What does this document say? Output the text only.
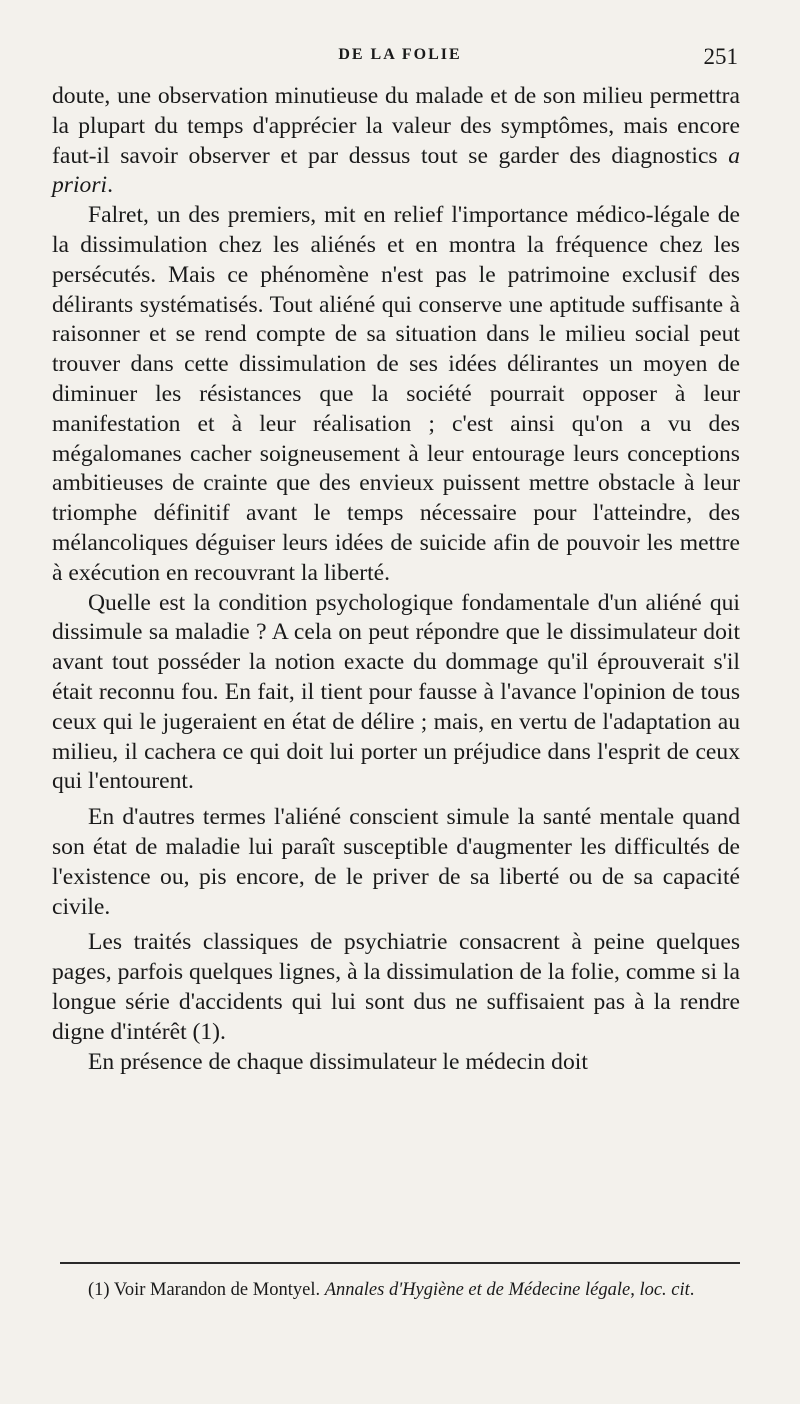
DE LA FOLIE	251

doute, une observation minutieuse du malade et de son milieu permettra la plupart du temps d'apprécier la valeur des symptômes, mais encore faut-il savoir observer et par dessus tout se garder des diagnostics a priori.

Falret, un des premiers, mit en relief l'importance médico-légale de la dissimulation chez les aliénés et en montra la fréquence chez les persécutés. Mais ce phénomène n'est pas le patrimoine exclusif des délirants systématisés. Tout aliéné qui conserve une aptitude suffisante à raisonner et se rend compte de sa situation dans le milieu social peut trouver dans cette dissimulation de ses idées délirantes un moyen de diminuer les résistances que la société pourrait opposer à leur manifestation et à leur réalisation ; c'est ainsi qu'on a vu des mégalomanes cacher soigneusement à leur entourage leurs conceptions ambitieuses de crainte que des envieux puissent mettre obstacle à leur triomphe définitif avant le temps nécessaire pour l'atteindre, des mélancoliques déguiser leurs idées de suicide afin de pouvoir les mettre à exécution en recouvrant la liberté.

Quelle est la condition psychologique fondamentale d'un aliéné qui dissimule sa maladie ? A cela on peut répondre que le dissimulateur doit avant tout posséder la notion exacte du dommage qu'il éprouverait s'il était reconnu fou. En fait, il tient pour fausse à l'avance l'opinion de tous ceux qui le jugeraient en état de délire ; mais, en vertu de l'adaptation au milieu, il cachera ce qui doit lui porter un préjudice dans l'esprit de ceux qui l'entourent.

En d'autres termes l'aliéné conscient simule la santé mentale quand son état de maladie lui paraît susceptible d'augmenter les difficultés de l'existence ou, pis encore, de le priver de sa liberté ou de sa capacité civile.

Les traités classiques de psychiatrie consacrent à peine quelques pages, parfois quelques lignes, à la dissimulation de la folie, comme si la longue série d'accidents qui lui sont dus ne suffisaient pas à la rendre digne d'intérêt (1).

En présence de chaque dissimulateur le médecin doit

(1) Voir Marandon de Montyel. Annales d'Hygiène et de Médecine légale, loc. cit.
